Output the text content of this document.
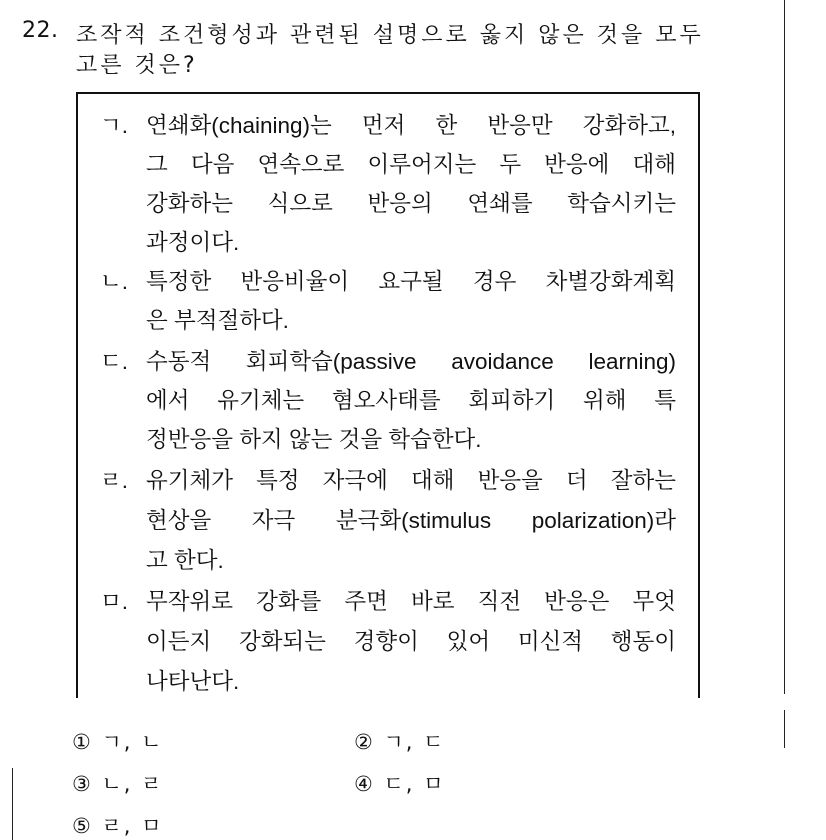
22. 조작적 조건형성과 관련된 설명으로 옳지 않은 것을 모두
고른 것은?
ㄱ. 연쇄화(chaining)는 먼저 한 반응만 강화하고,
그 다음 연속으로 이루어지는 두 반응에 대해
강화하는 식으로 반응의 연쇄를 학습시키는
과정이다.
ㄴ. 특정한 반응비율이 요구될 경우 차별강화계획
은 부적절하다.
ㄷ. 수동적 회피학습(passive avoidance learning)
에서 유기체는 혐오사태를 회피하기 위해 특
정반응을 하지 않는 것을 학습한다.
ㄹ. 유기체가 특정 자극에 대해 반응을 더 잘하는
현상을 자극 분극화(stimulus polarization)라
고 한다.
ㅁ. 무작위로 강화를 주면 바로 직전 반응은 무엇
이든지 강화되는 경향이 있어 미신적 행동이
나타난다.
① ㄱ, ㄴ	② ㄱ, ㄷ
③ ㄴ, ㄹ	④ ㄷ, ㅁ
⑤ ㄹ, ㅁ
